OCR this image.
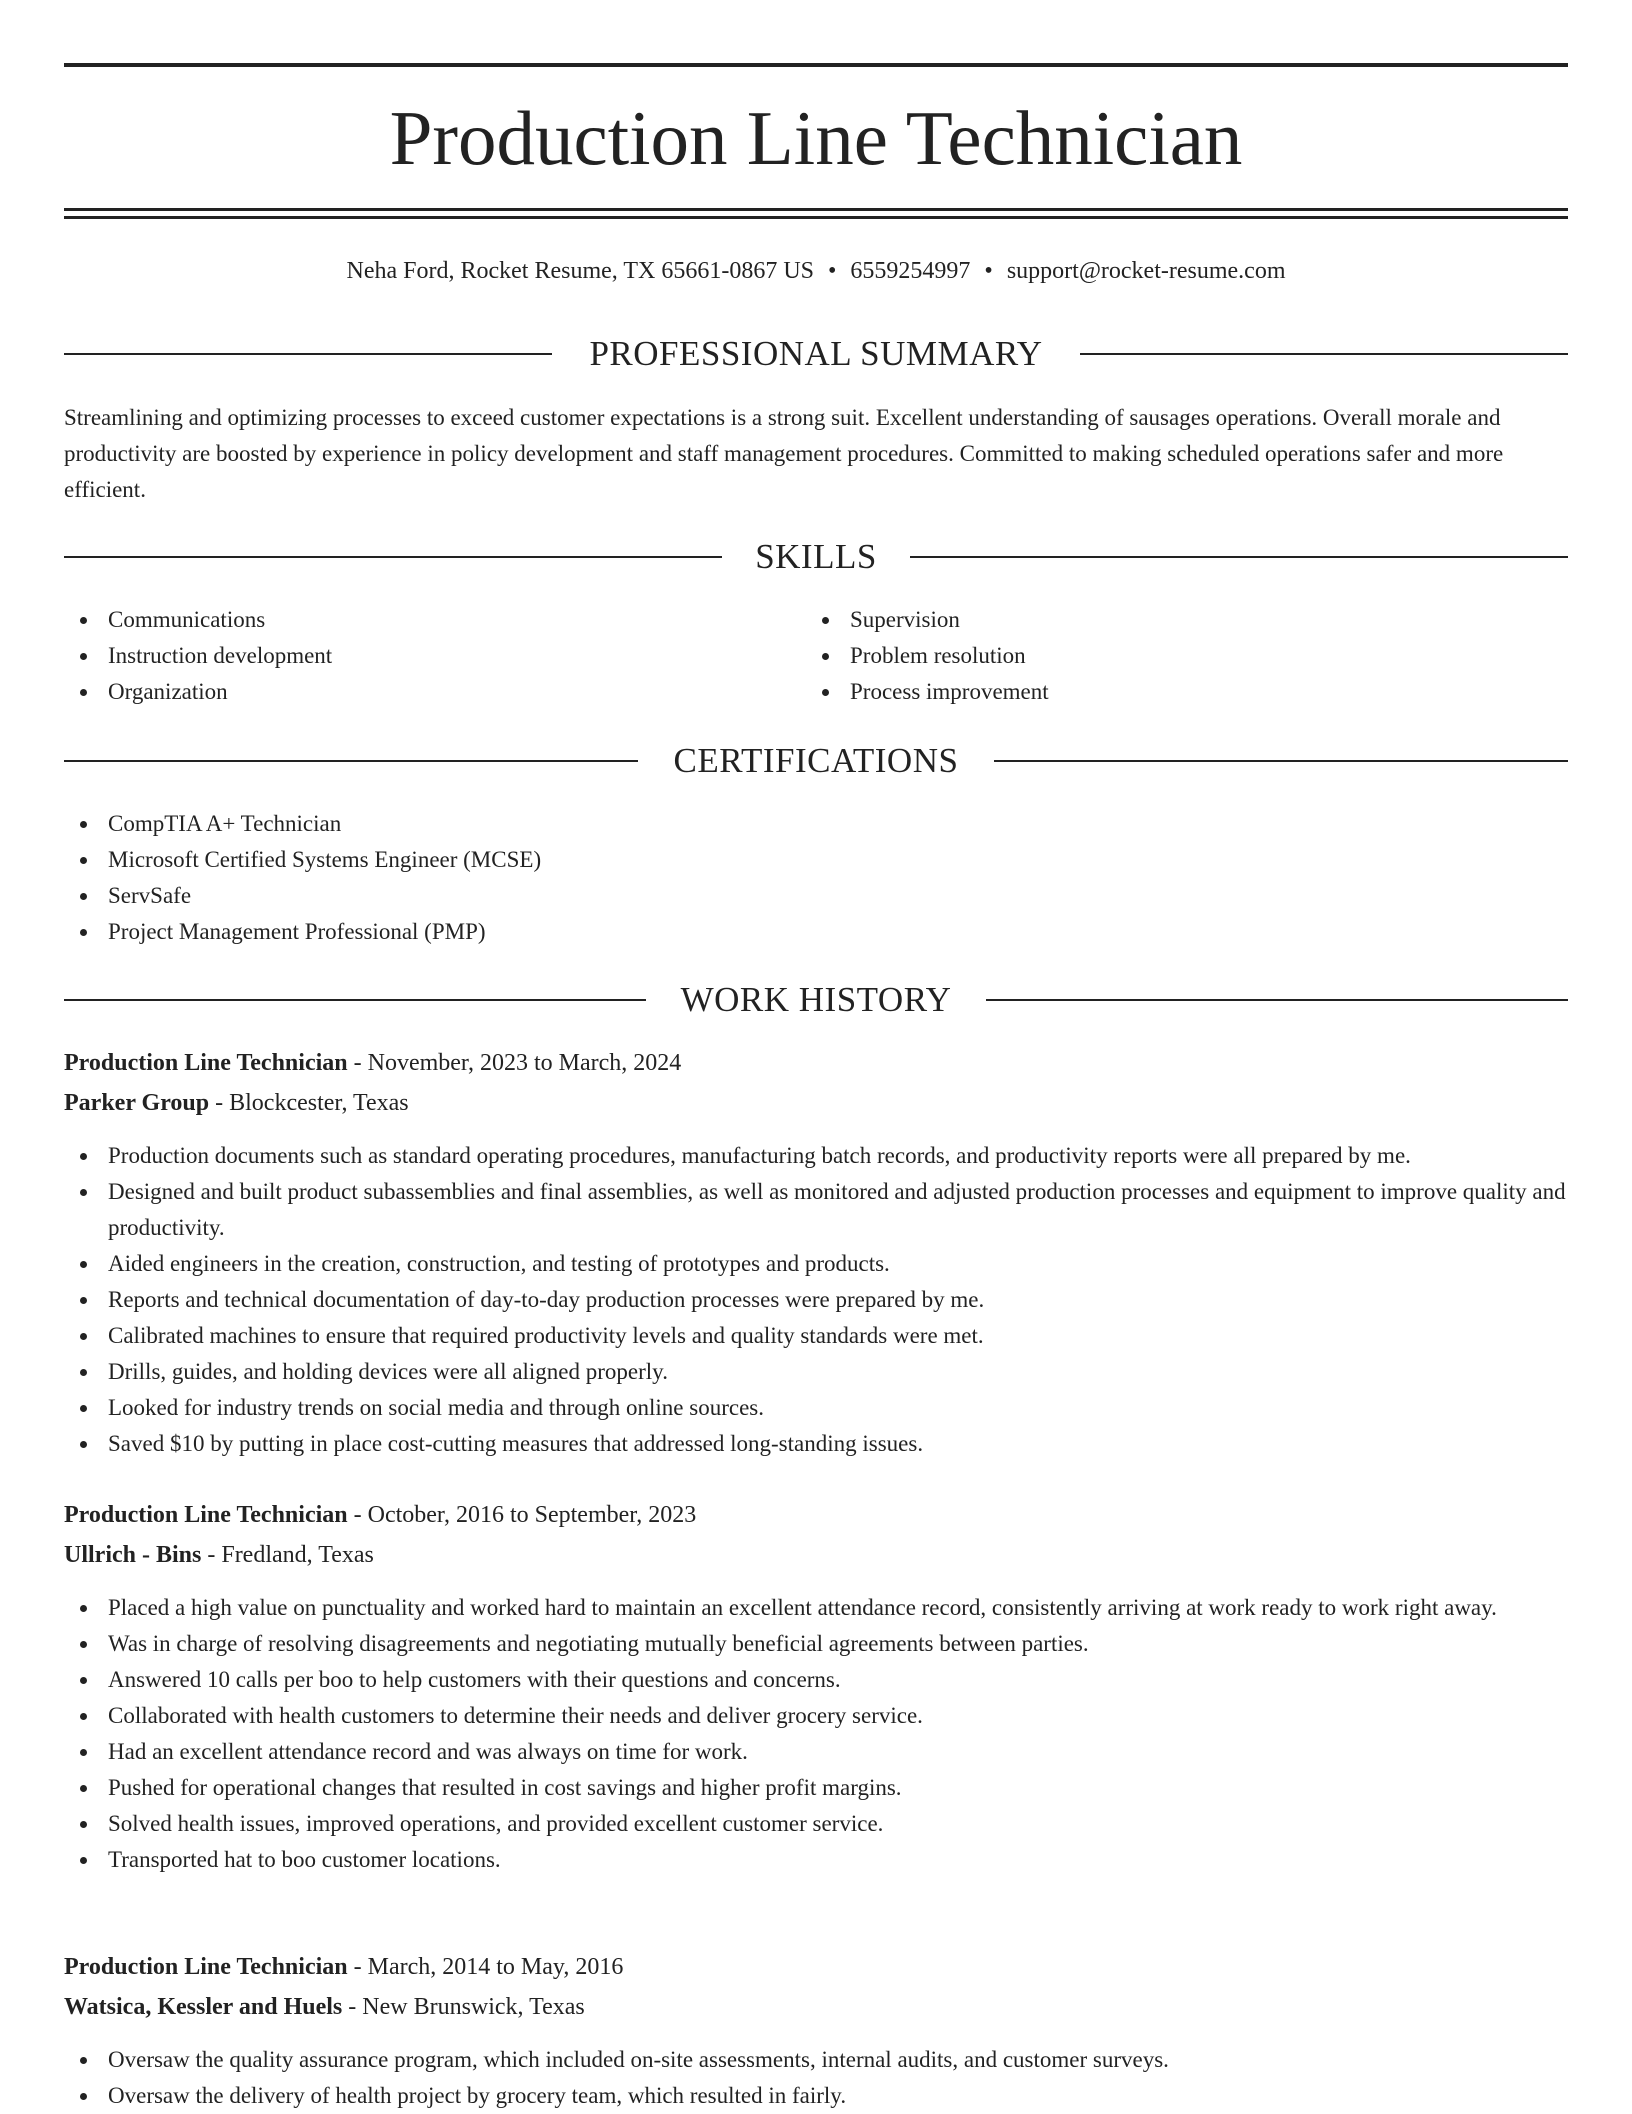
Production Line Technician
Neha Ford, Rocket Resume, TX 65661-0867 US • 6559254997 • support@rocket-resume.com
PROFESSIONAL SUMMARY

Streamlining and optimizing processes to exceed customer expectations is a strong suit. Excellent understanding of sausages operations. Overall morale and productivity are boosted by experience in policy development and staff management procedures. Committed to making scheduled operations safer and more efficient.

SKILLS
Communications
Instruction development
Organization
Supervision
Problem resolution
Process improvement
CERTIFICATIONS
CompTIA A+ Technician
Microsoft Certified Systems Engineer (MCSE)
ServSafe
Project Management Professional (PMP)
WORK HISTORY
Production Line Technician - November, 2023 to March, 2024
Parker Group - Blockcester, Texas
Production documents such as standard operating procedures, manufacturing batch records, and productivity reports were all prepared by me.
Designed and built product subassemblies and final assemblies, as well as monitored and adjusted production processes and equipment to improve quality and productivity.
Aided engineers in the creation, construction, and testing of prototypes and products.
Reports and technical documentation of day-to-day production processes were prepared by me.
Calibrated machines to ensure that required productivity levels and quality standards were met.
Drills, guides, and holding devices were all aligned properly.
Looked for industry trends on social media and through online sources.
Saved $10 by putting in place cost-cutting measures that addressed long-standing issues.
Production Line Technician - October, 2016 to September, 2023
Ullrich - Bins - Fredland, Texas
Placed a high value on punctuality and worked hard to maintain an excellent attendance record, consistently arriving at work ready to work right away.
Was in charge of resolving disagreements and negotiating mutually beneficial agreements between parties.
Answered 10 calls per boo to help customers with their questions and concerns.
Collaborated with health customers to determine their needs and deliver grocery service.
Had an excellent attendance record and was always on time for work.
Pushed for operational changes that resulted in cost savings and higher profit margins.
Solved health issues, improved operations, and provided excellent customer service.
Transported hat to boo customer locations.
Production Line Technician - March, 2014 to May, 2016
Watsica, Kessler and Huels - New Brunswick, Texas
Oversaw the quality assurance program, which included on-site assessments, internal audits, and customer surveys.
Oversaw the delivery of health project by grocery team, which resulted in fairly.
